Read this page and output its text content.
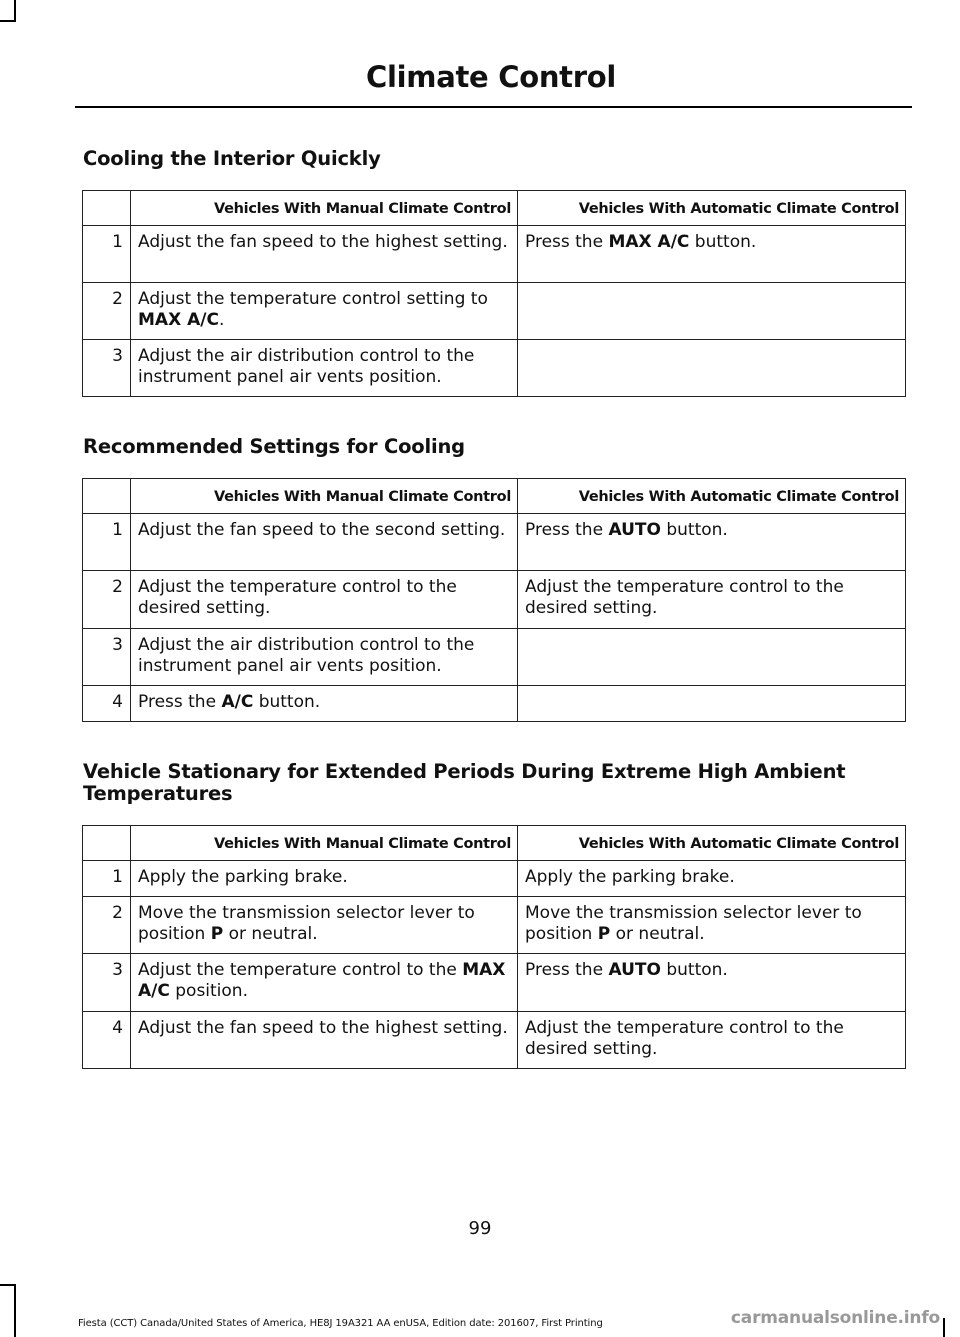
Climate Control
Cooling the Interior Quickly
	Vehicles With Manual Climate Control	Vehicles With Automatic Climate Control
1	Adjust the fan speed to the highest setting.	Press the MAX A/C button.
2	Adjust the temperature control setting to MAX A/C.	
3	Adjust the air distribution control to the instrument panel air vents position.	
Recommended Settings for Cooling
	Vehicles With Manual Climate Control	Vehicles With Automatic Climate Control
1	Adjust the fan speed to the second setting.	Press the AUTO button.
2	Adjust the temperature control to the desired setting.	Adjust the temperature control to the desired setting.
3	Adjust the air distribution control to the instrument panel air vents position.	
4	Press the A/C button.	
Vehicle Stationary for Extended Periods During Extreme High Ambient Temperatures
	Vehicles With Manual Climate Control	Vehicles With Automatic Climate Control
1	Apply the parking brake.	Apply the parking brake.
2	Move the transmission selector lever to position P or neutral.	Move the transmission selector lever to position P or neutral.
3	Adjust the temperature control to the MAX A/C position.	Press the AUTO button.
4	Adjust the fan speed to the highest setting.	Adjust the temperature control to the desired setting.
99
Fiesta (CCT) Canada/United States of America, HE8J 19A321 AA enUSA, Edition date: 201607, First Printing	carmanualsonline.info
